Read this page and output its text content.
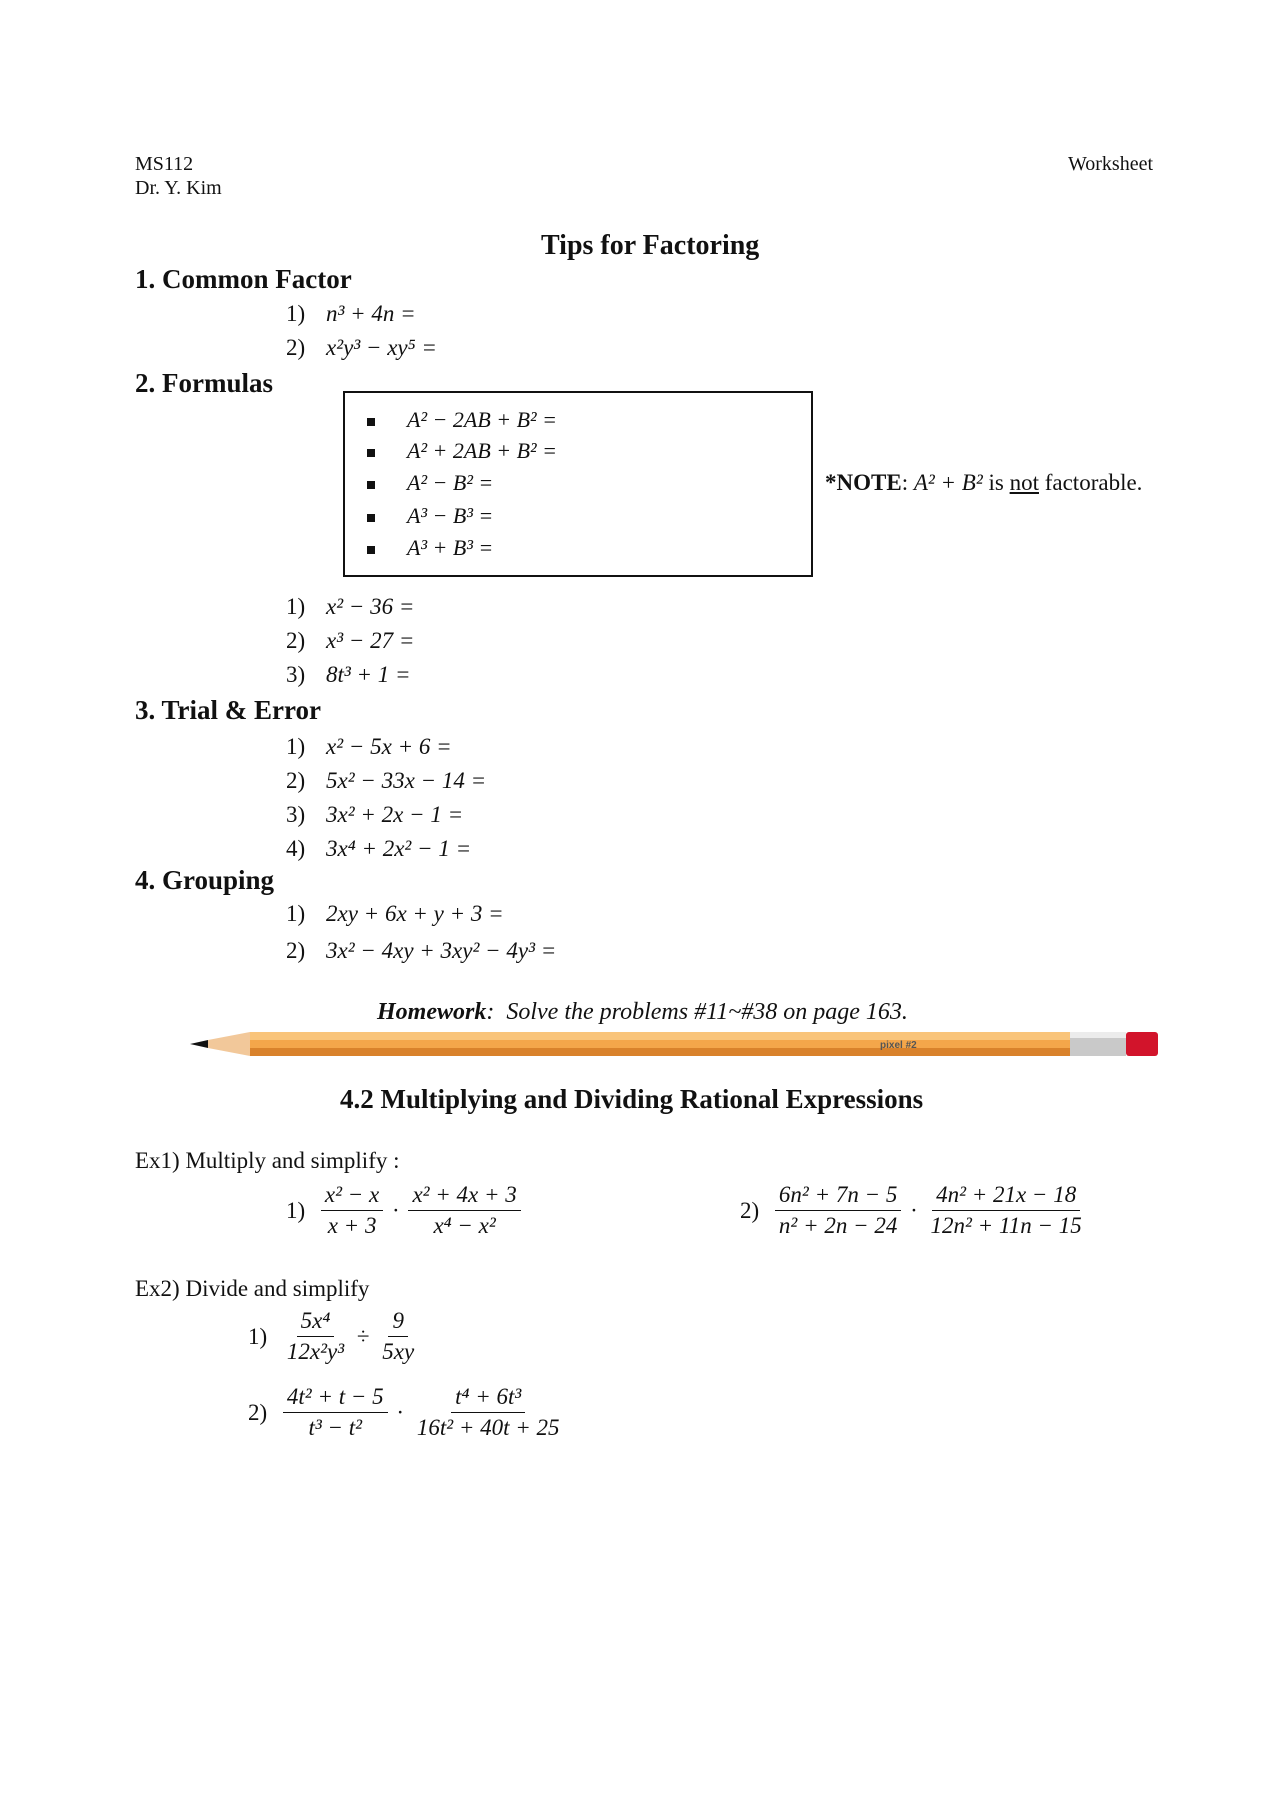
MS112
Dr. Y. Kim
Worksheet
Tips for Factoring
1. Common Factor
1) n³ + 4n =
2) x²y³ − xy⁵ =
2. Formulas
A² − 2AB + B² =
A² + 2AB + B² =
A² − B² =
A³ − B³ =
A³ + B³ =
*NOTE: A² + B² is not factorable.
1) x² − 36 =
2) x³ − 27 =
3) 8t³ + 1 =
3. Trial & Error
1) x² − 5x + 6 =
2) 5x² − 33x − 14 =
3) 3x² + 2x − 1 =
4) 3x⁴ + 2x² − 1 =
4. Grouping
1) 2xy + 6x + y + 3 =
2) 3x² − 4xy + 3xy² − 4y³ =
Homework:  Solve the problems #11~#38 on page 163.
pixel #2
4.2 Multiplying and Dividing Rational Expressions
Ex1) Multiply and simplify :
$1) \frac{\text{x² − x}}{x + 3} \cdot \frac{\text{x² + 4x + 3}}{\text{x⁴ − x²}}$	$2) \frac{\text{6n² + 7n − 5}}{\text{n² + 2n − 24}} \cdot \frac{\text{4n² + 21x − 18}}{\text{12n² + 11n − 15}}$
Ex2) Divide and simplify
$1) \frac{\text{5x⁴}}{\text{12x²y³}} \div \frac{9}{5xy}$
$2) \frac{\text{4t² + t − 5}}{\text{t³ − t²}} \cdot \frac{\text{t⁴ + 6t³}}{\text{16t² + 40t + 25}}$
